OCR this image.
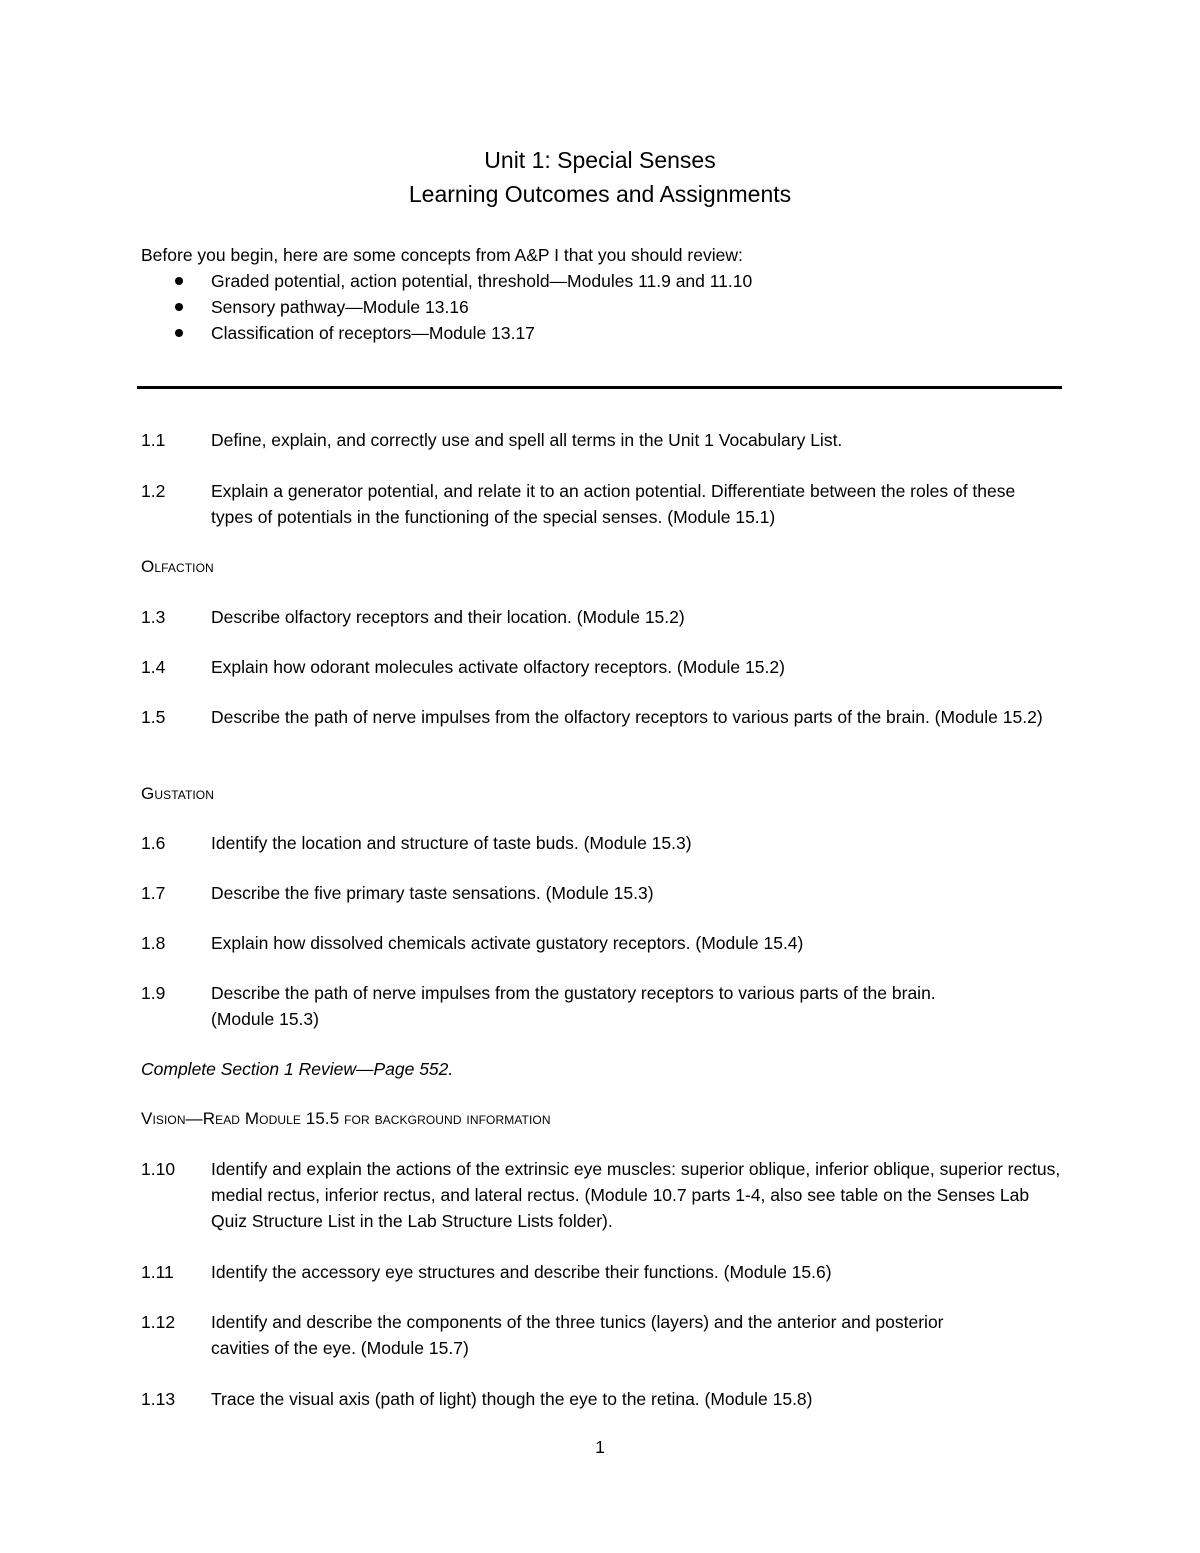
Unit 1: Special Senses
Learning Outcomes and Assignments
Before you begin, here are some concepts from A&P I that you should review:
Graded potential, action potential, threshold—Modules 11.9 and 11.10
Sensory pathway—Module 13.16
Classification of receptors—Module 13.17
1.1	Define, explain, and correctly use and spell all terms in the Unit 1 Vocabulary List.
1.2	Explain a generator potential, and relate it to an action potential. Differentiate between the roles of these types of potentials in the functioning of the special senses. (Module 15.1)
Olfaction
1.3	Describe olfactory receptors and their location. (Module 15.2)
1.4	Explain how odorant molecules activate olfactory receptors. (Module 15.2)
1.5	Describe the path of nerve impulses from the olfactory receptors to various parts of the brain. (Module 15.2)
Gustation
1.6	Identify the location and structure of taste buds. (Module 15.3)
1.7	Describe the five primary taste sensations. (Module 15.3)
1.8	Explain how dissolved chemicals activate gustatory receptors. (Module 15.4)
1.9	Describe the path of nerve impulses from the gustatory receptors to various parts of the brain. (Module 15.3)
Complete Section 1 Review—Page 552.
Vision—Read Module 15.5 for background information
1.10	Identify and explain the actions of the extrinsic eye muscles: superior oblique, inferior oblique, superior rectus, medial rectus, inferior rectus, and lateral rectus. (Module 10.7 parts 1-4, also see table on the Senses Lab Quiz Structure List in the Lab Structure Lists folder).
1.11	Identify the accessory eye structures and describe their functions. (Module 15.6)
1.12	Identify and describe the components of the three tunics (layers) and the anterior and posterior cavities of the eye. (Module 15.7)
1.13	Trace the visual axis (path of light) though the eye to the retina. (Module 15.8)
1
